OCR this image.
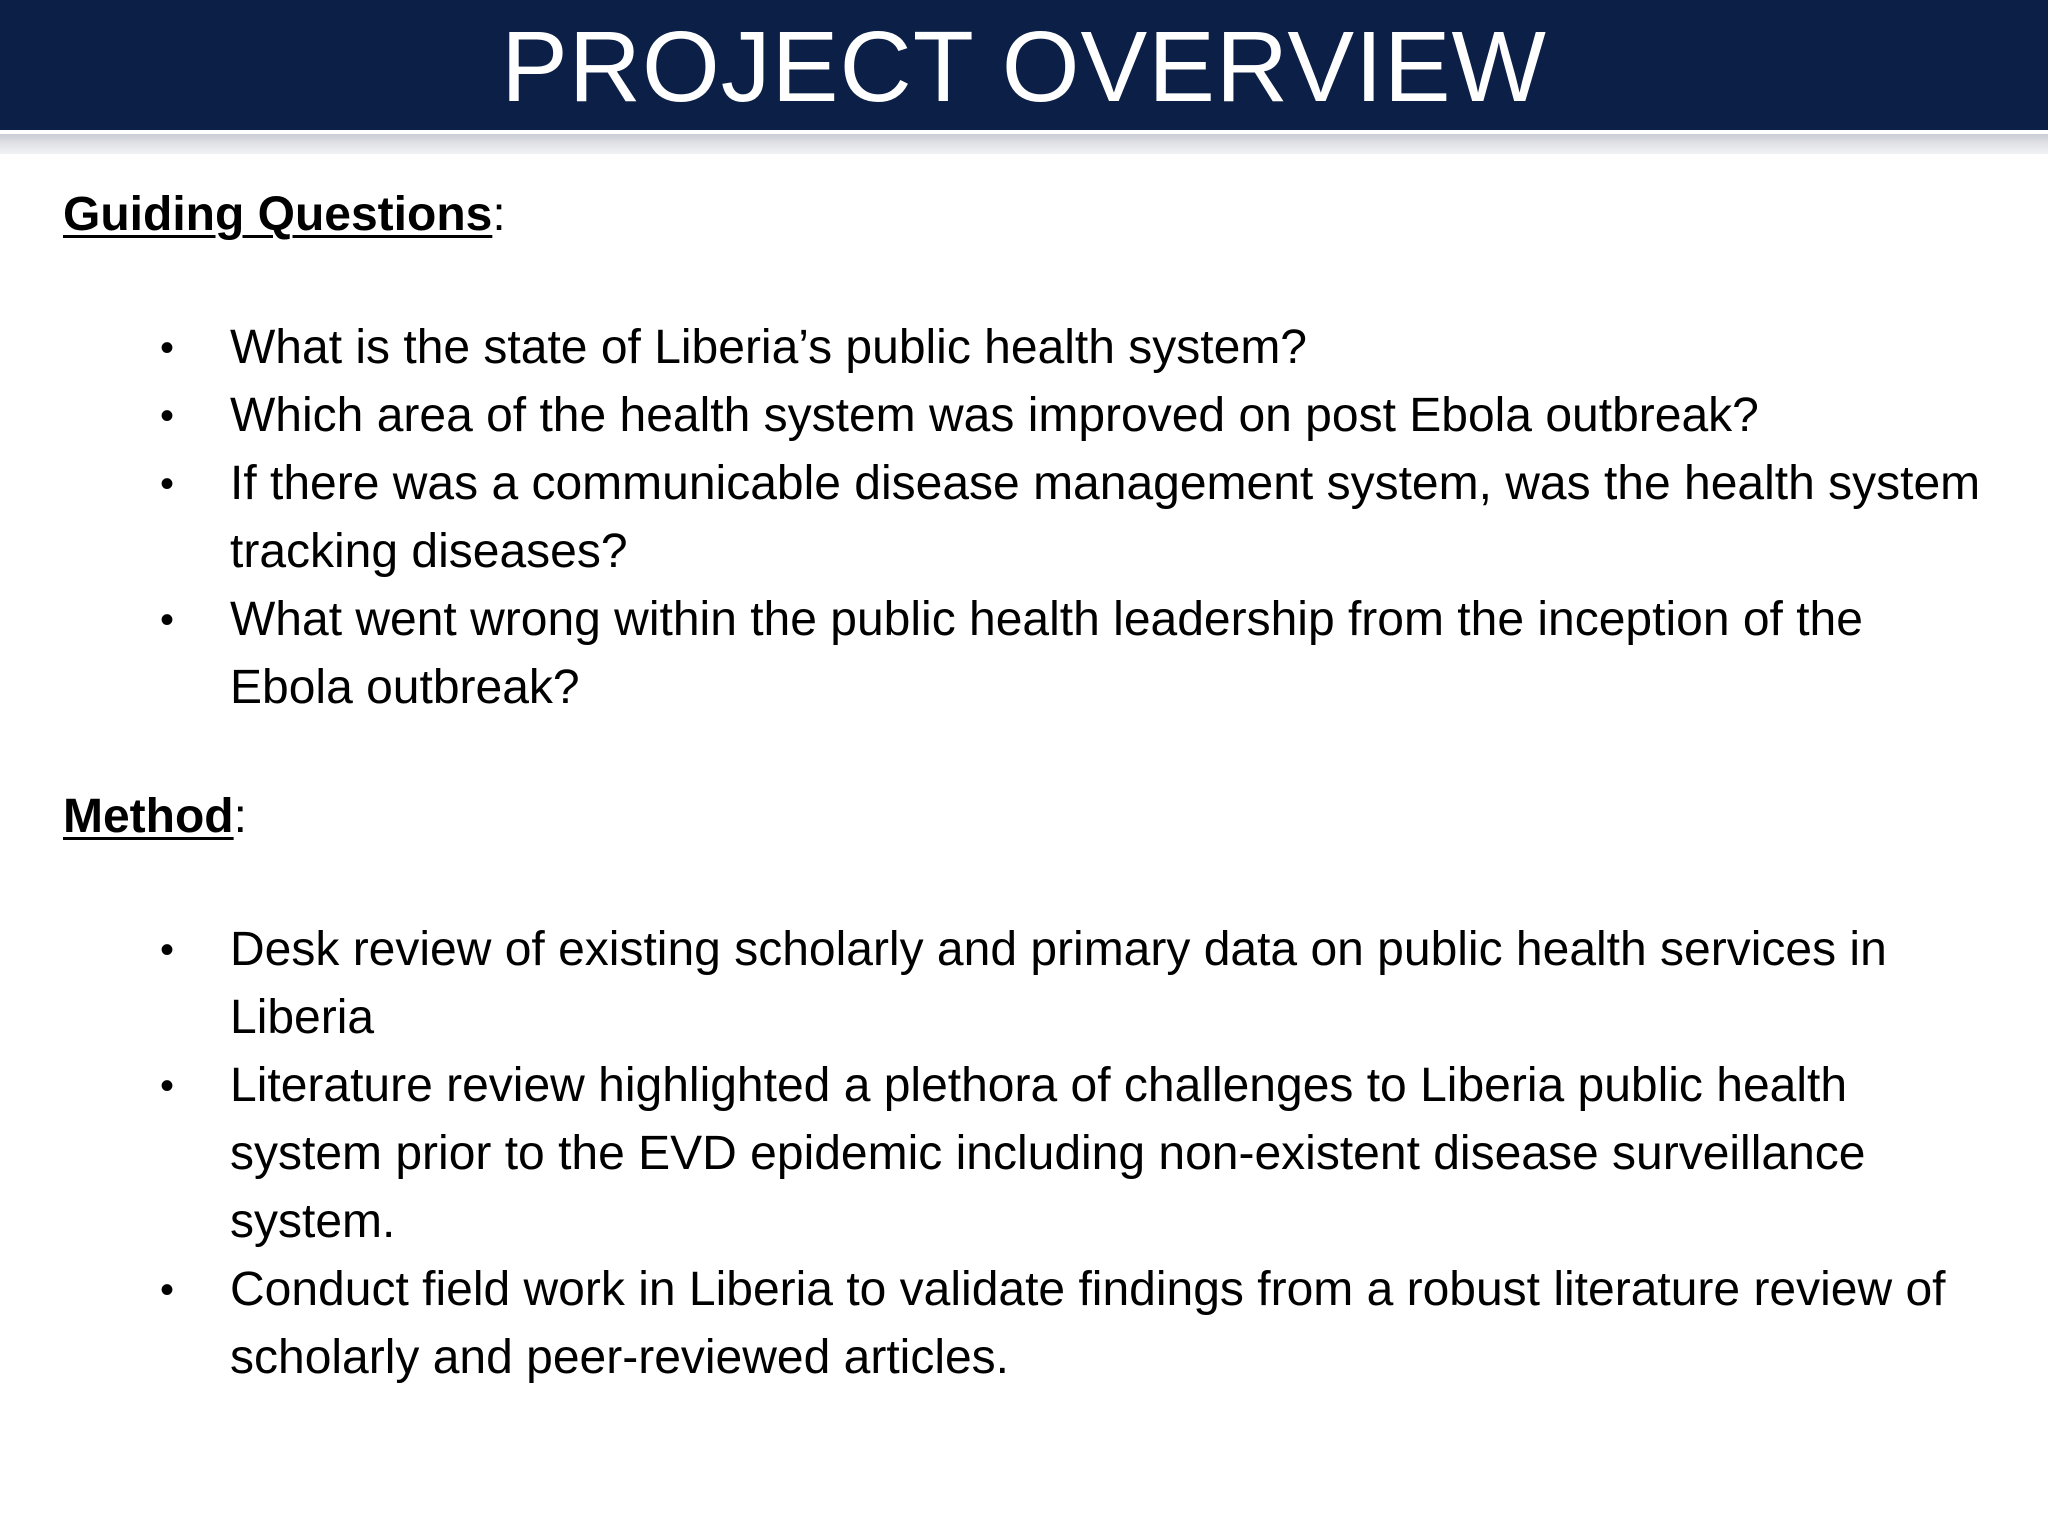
PROJECT OVERVIEW

Guiding Questions:

• What is the state of Liberia’s public health system?
• Which area of the health system was improved on post Ebola outbreak?
• If there was a communicable disease management system, was the health system tracking diseases?
• What went wrong within the public health leadership from the inception of the Ebola outbreak?

Method:

• Desk review of existing scholarly and primary data on public health services in Liberia
• Literature review highlighted a plethora of challenges to Liberia public health system prior to the EVD epidemic including non-existent disease surveillance system.
• Conduct field work in Liberia to validate findings from a robust literature review of scholarly and peer-reviewed articles.
